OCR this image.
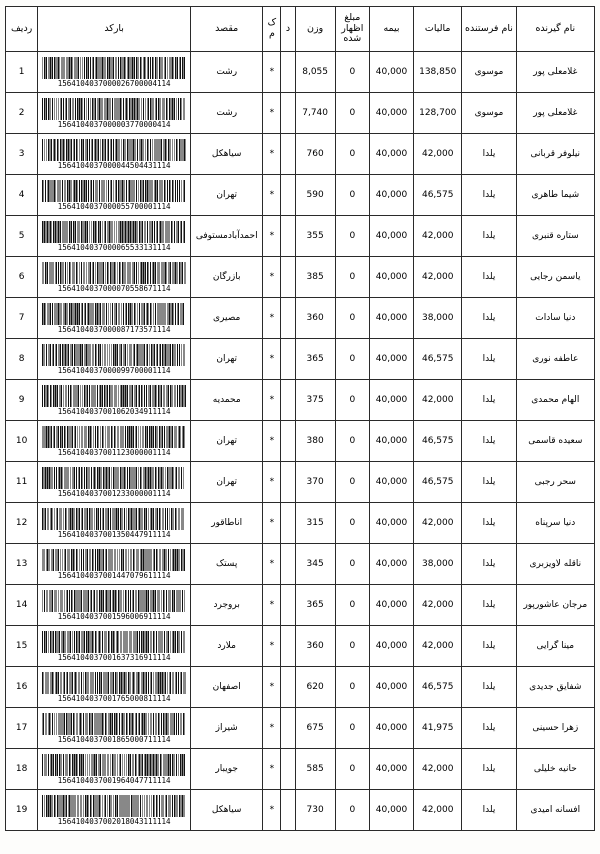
نام گیرنده	نام فرستنده	مالیات	بیمه	مبلغ اظهار شده	وزن	د	ک م	مقصد	بارکد	ردیف
غلامعلی پور	موسوی	138,850	40,000	0	8,055		*	رشت	1564104037000026700004114	1
غلامعلی پور	موسوی	128,700	40,000	0	7,740		*	رشت	1564104037000003770000414	2
نیلوفر قربانی	یلدا	42,000	40,000	0	760		*	سیاهکل	1564104037000044504431114	3
شیما طاهری	یلدا	46,575	40,000	0	590		*	تهران	1564104037000055700001114	4
ستاره قنبری	یلدا	42,000	40,000	0	355		*	احمدآبادمستوفی	1564104037000065533131114	5
یاسمن رجایی	یلدا	42,000	40,000	0	385		*	بازرگان	1564104037000070558671114	6
دنیا سادات	یلدا	38,000	40,000	0	360		*	مصیری	1564104037000087173571114	7
عاطفه نوری	یلدا	46,575	40,000	0	365		*	تهران	1564104037000099700001114	8
الهام محمدی	یلدا	42,000	40,000	0	375		*	محمدیه	1564104037001062034911114	9
سعیده قاسمی	یلدا	46,575	40,000	0	380		*	تهران	1564104037001123000001114	10
سحر رجبی	یلدا	46,575	40,000	0	370		*	تهران	1564104037001233000001114	11
دنیا سرپناه	یلدا	42,000	40,000	0	315		*	اناطاقور	1564104037001350447911114	12
ناقله لاویزبری	یلدا	38,000	40,000	0	345		*	پستک	1564104037001447079611114	13
مرجان عاشورپور	یلدا	42,000	40,000	0	365		*	بروجرد	1564104037001596006911114	14
مینا گرایی	یلدا	42,000	40,000	0	360		*	ملارد	1564104037001637316911114	15
شفایق جدیدی	یلدا	46,575	40,000	0	620		*	اصفهان	1564104037001765000811114	16
زهرا حسینی	یلدا	41,975	40,000	0	675		*	شیراز	1564104037001865000711114	17
حانیه خلیلی	یلدا	42,000	40,000	0	585		*	جویبار	1564104037001964047711114	18
افسانه امیدی	یلدا	42,000	40,000	0	730		*	سیاهکل	1564104037002018043111114	19
